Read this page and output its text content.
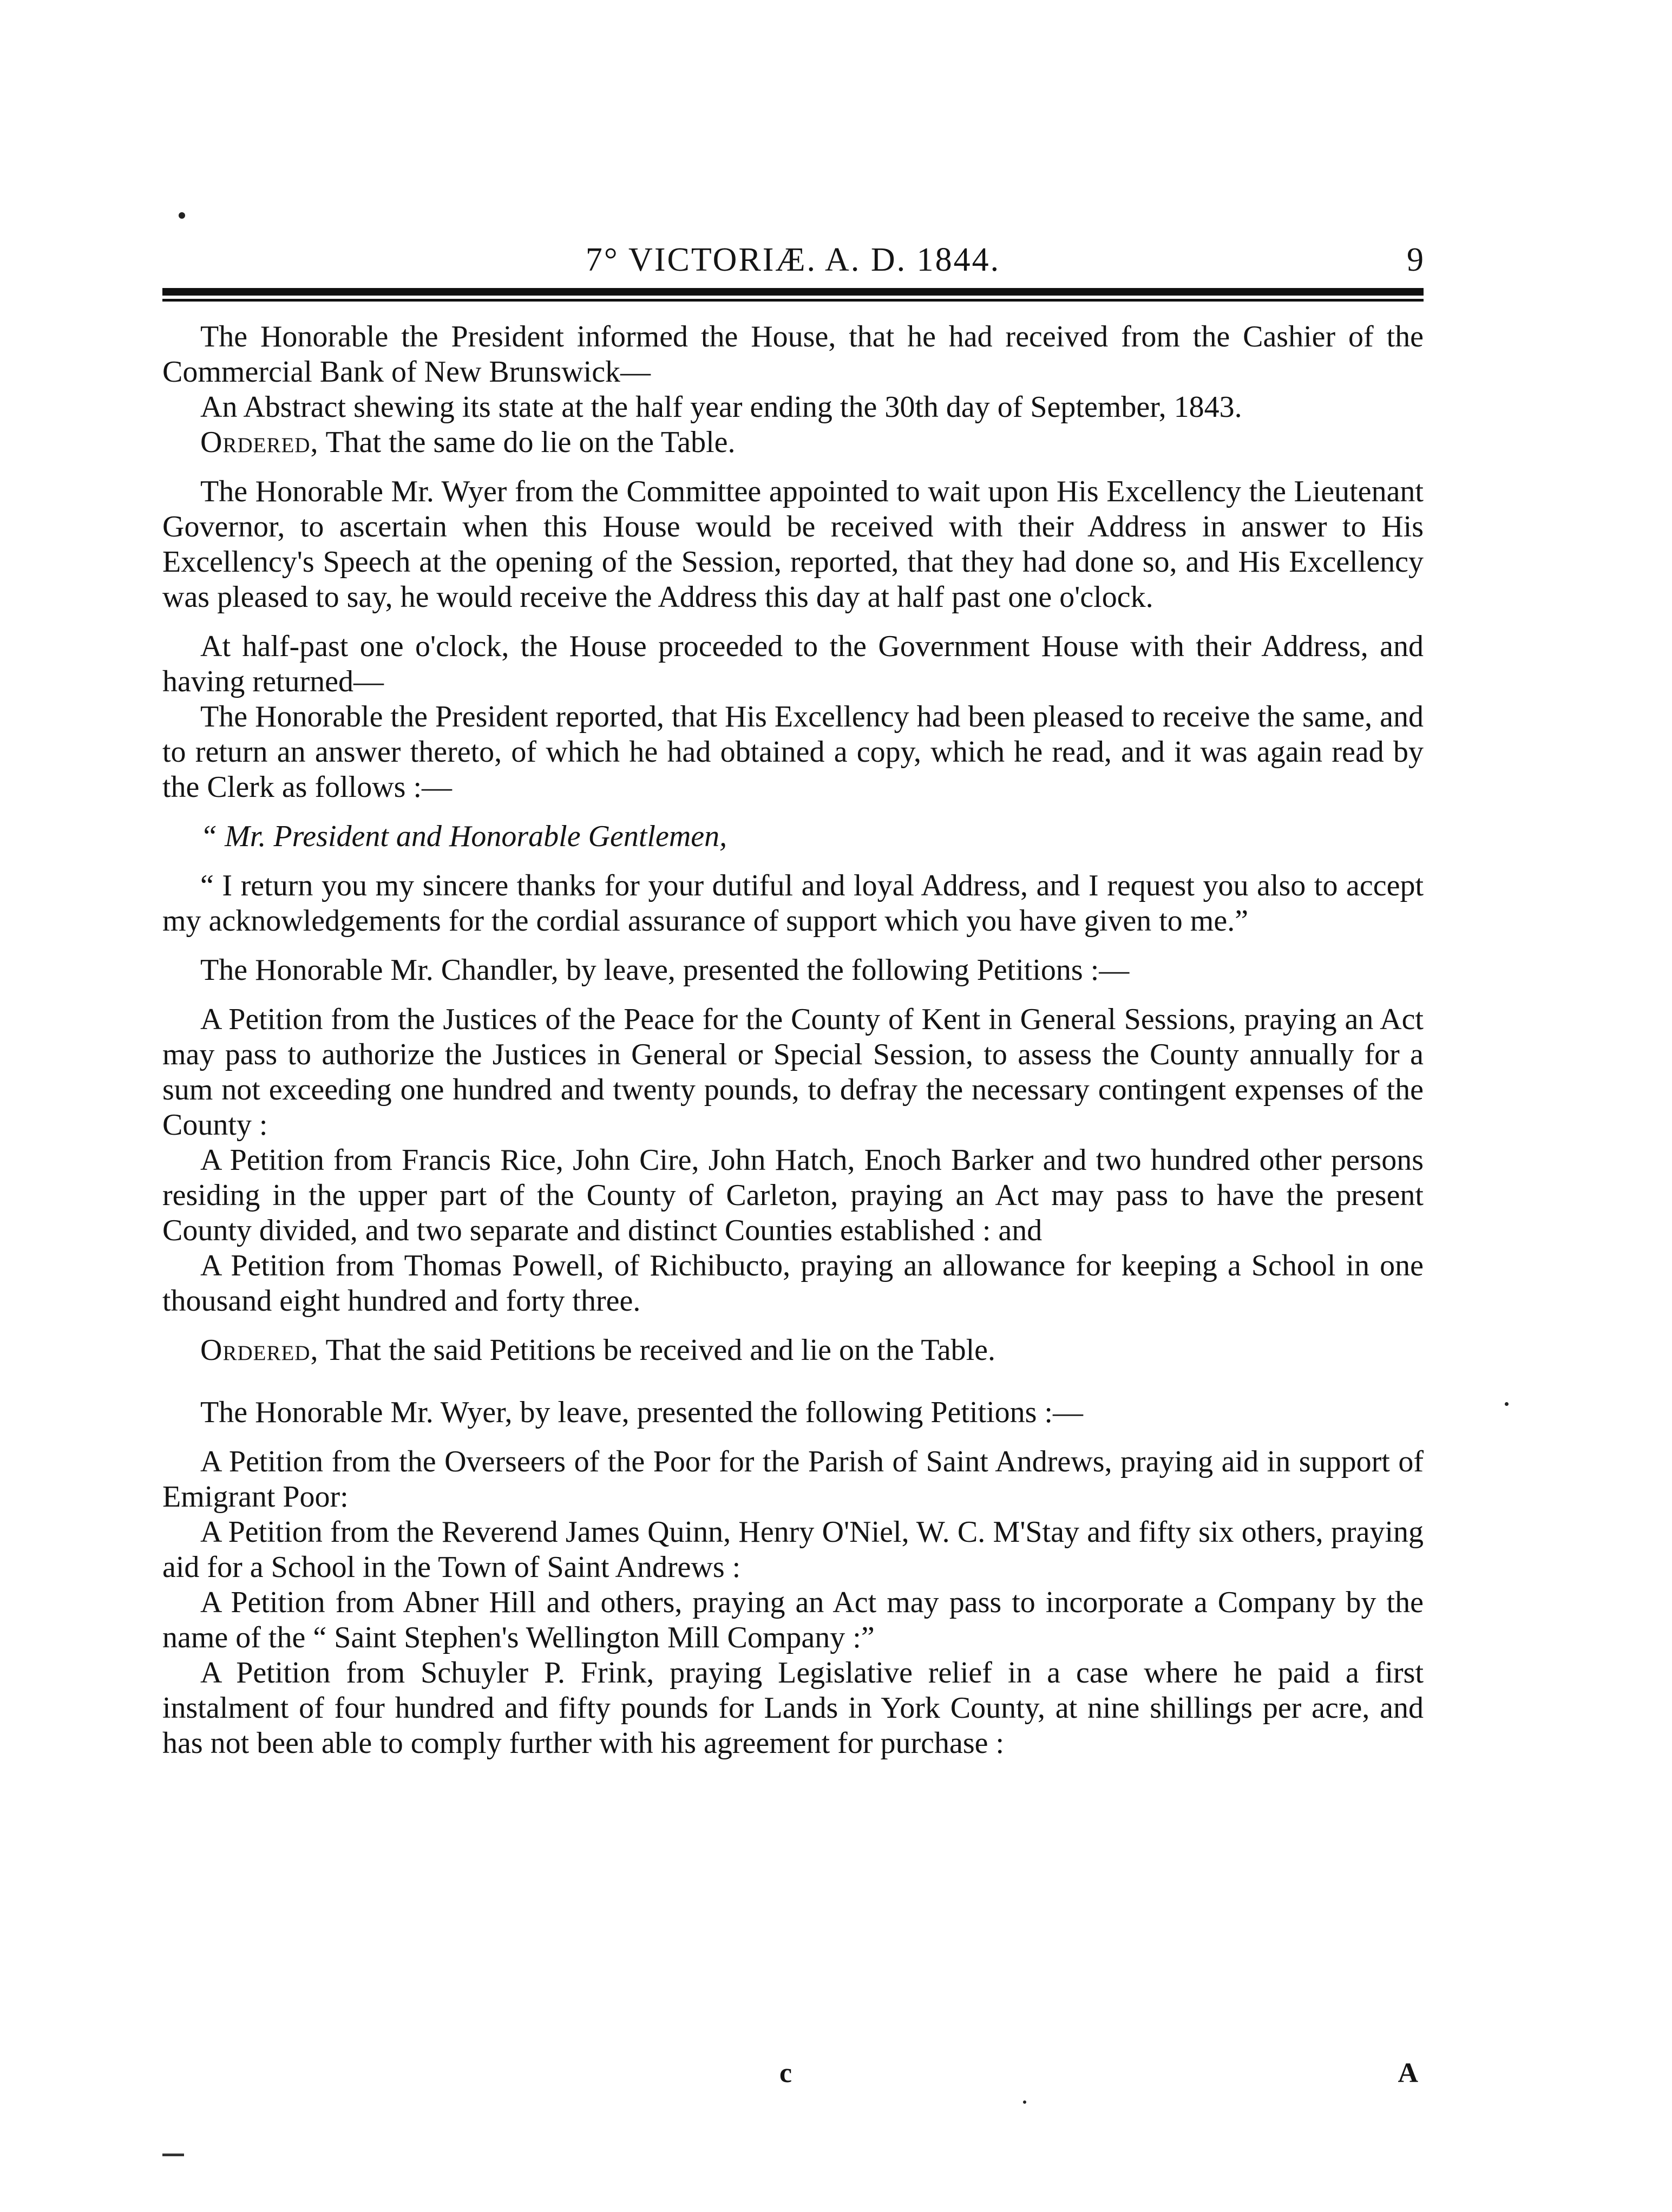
7° VICTORIÆ. A. D. 1844.	9

The Honorable the President informed the House, that he had received from the Cashier of the Commercial Bank of New Brunswick—

An Abstract shewing its state at the half year ending the 30th day of September, 1843.

Ordered, That the same do lie on the Table.

The Honorable Mr. Wyer from the Committee appointed to wait upon His Excellency the Lieutenant Governor, to ascertain when this House would be received with their Address in answer to His Excellency's Speech at the opening of the Session, reported, that they had done so, and His Excellency was pleased to say, he would receive the Address this day at half past one o'clock.

At half-past one o'clock, the House proceeded to the Government House with their Address, and having returned—

The Honorable the President reported, that His Excellency had been pleased to receive the same, and to return an answer thereto, of which he had obtained a copy, which he read, and it was again read by the Clerk as follows :—

“ Mr. President and Honorable Gentlemen,

“ I return you my sincere thanks for your dutiful and loyal Address, and I request you also to accept my acknowledgements for the cordial assurance of support which you have given to me.”

The Honorable Mr. Chandler, by leave, presented the following Petitions :—

A Petition from the Justices of the Peace for the County of Kent in General Sessions, praying an Act may pass to authorize the Justices in General or Special Session, to assess the County annually for a sum not exceeding one hundred and twenty pounds, to defray the necessary contingent expenses of the County :

A Petition from Francis Rice, John Cire, John Hatch, Enoch Barker and two hundred other persons residing in the upper part of the County of Carleton, praying an Act may pass to have the present County divided, and two separate and distinct Counties established : and

A Petition from Thomas Powell, of Richibucto, praying an allowance for keeping a School in one thousand eight hundred and forty three.

Ordered, That the said Petitions be received and lie on the Table.

The Honorable Mr. Wyer, by leave, presented the following Petitions :—

A Petition from the Overseers of the Poor for the Parish of Saint Andrews, praying aid in support of Emigrant Poor:

A Petition from the Reverend James Quinn, Henry O'Niel, W. C. M'Stay and fifty six others, praying aid for a School in the Town of Saint Andrews :

A Petition from Abner Hill and others, praying an Act may pass to incorporate a Company by the name of the “ Saint Stephen's Wellington Mill Company :”

A Petition from Schuyler P. Frink, praying Legislative relief in a case where he paid a first instalment of four hundred and fifty pounds for Lands in York County, at nine shillings per acre, and has not been able to comply further with his agreement for purchase :

c	A
